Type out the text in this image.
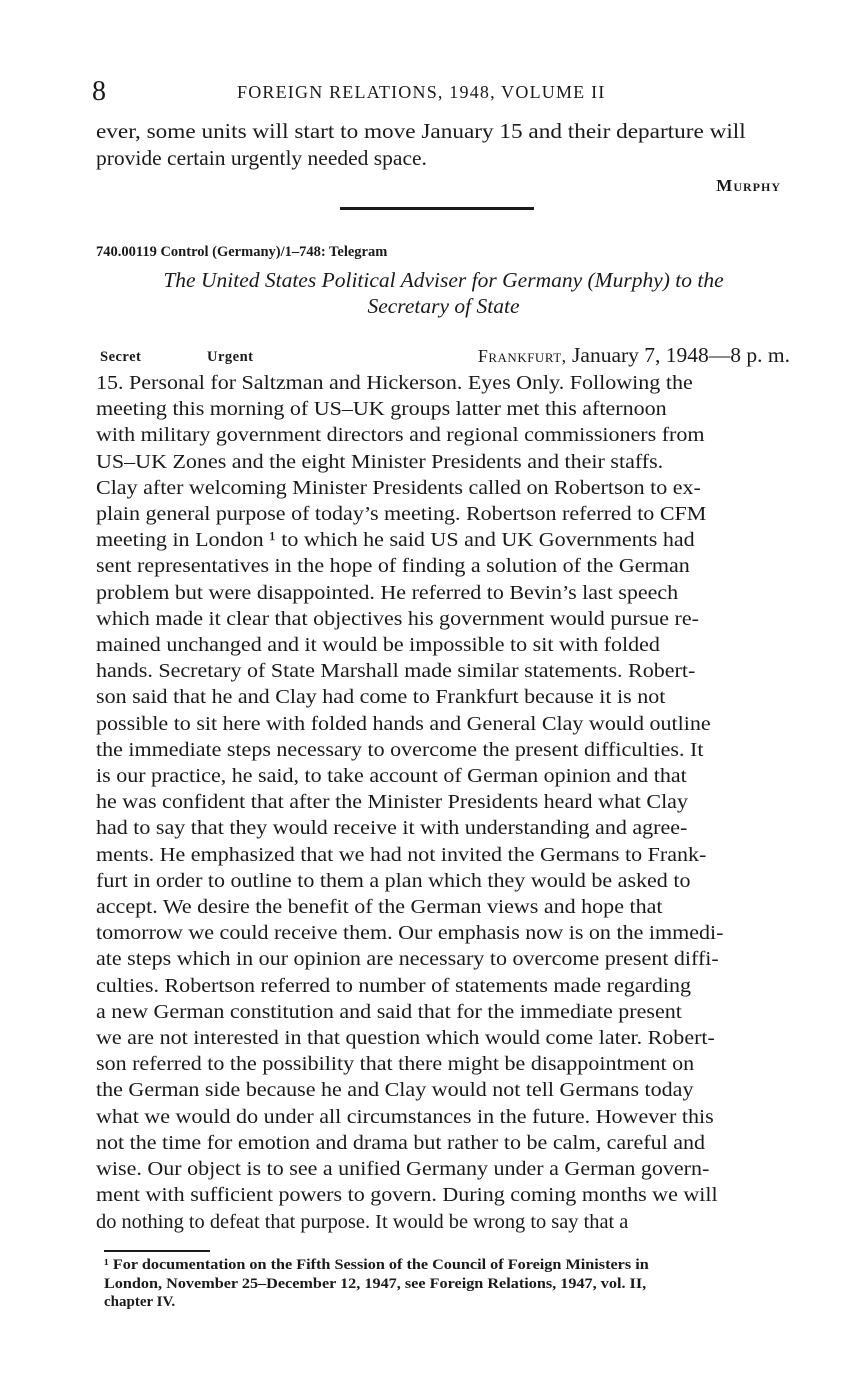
8	FOREIGN RELATIONS, 1948, VOLUME II
ever, some units will start to move January 15 and their departure will
provide certain urgently needed space.
Murphy
740.00119 Control (Germany)/1–748: Telegram
The United States Political Adviser for Germany (Murphy) to the
Secretary of State
Secret	Urgent	Frankfurt, January 7, 1948—8 p. m.
15. Personal for Saltzman and Hickerson. Eyes Only. Following the
meeting this morning of US–UK groups latter met this afternoon
with military government directors and regional commissioners from
US–UK Zones and the eight Minister Presidents and their staffs.
Clay after welcoming Minister Presidents called on Robertson to ex-
plain general purpose of today’s meeting. Robertson referred to CFM
meeting in London ¹ to which he said US and UK Governments had
sent representatives in the hope of finding a solution of the German
problem but were disappointed. He referred to Bevin’s last speech
which made it clear that objectives his government would pursue re-
mained unchanged and it would be impossible to sit with folded
hands. Secretary of State Marshall made similar statements. Robert-
son said that he and Clay had come to Frankfurt because it is not
possible to sit here with folded hands and General Clay would outline
the immediate steps necessary to overcome the present difficulties. It
is our practice, he said, to take account of German opinion and that
he was confident that after the Minister Presidents heard what Clay
had to say that they would receive it with understanding and agree-
ments. He emphasized that we had not invited the Germans to Frank-
furt in order to outline to them a plan which they would be asked to
accept. We desire the benefit of the German views and hope that
tomorrow we could receive them. Our emphasis now is on the immedi-
ate steps which in our opinion are necessary to overcome present diffi-
culties. Robertson referred to number of statements made regarding
a new German constitution and said that for the immediate present
we are not interested in that question which would come later. Robert-
son referred to the possibility that there might be disappointment on
the German side because he and Clay would not tell Germans today
what we would do under all circumstances in the future. However this
not the time for emotion and drama but rather to be calm, careful and
wise. Our object is to see a unified Germany under a German govern-
ment with sufficient powers to govern. During coming months we will
do nothing to defeat that purpose. It would be wrong to say that a
¹ For documentation on the Fifth Session of the Council of Foreign Ministers in
London, November 25–December 12, 1947, see Foreign Relations, 1947, vol. II,
chapter IV.
